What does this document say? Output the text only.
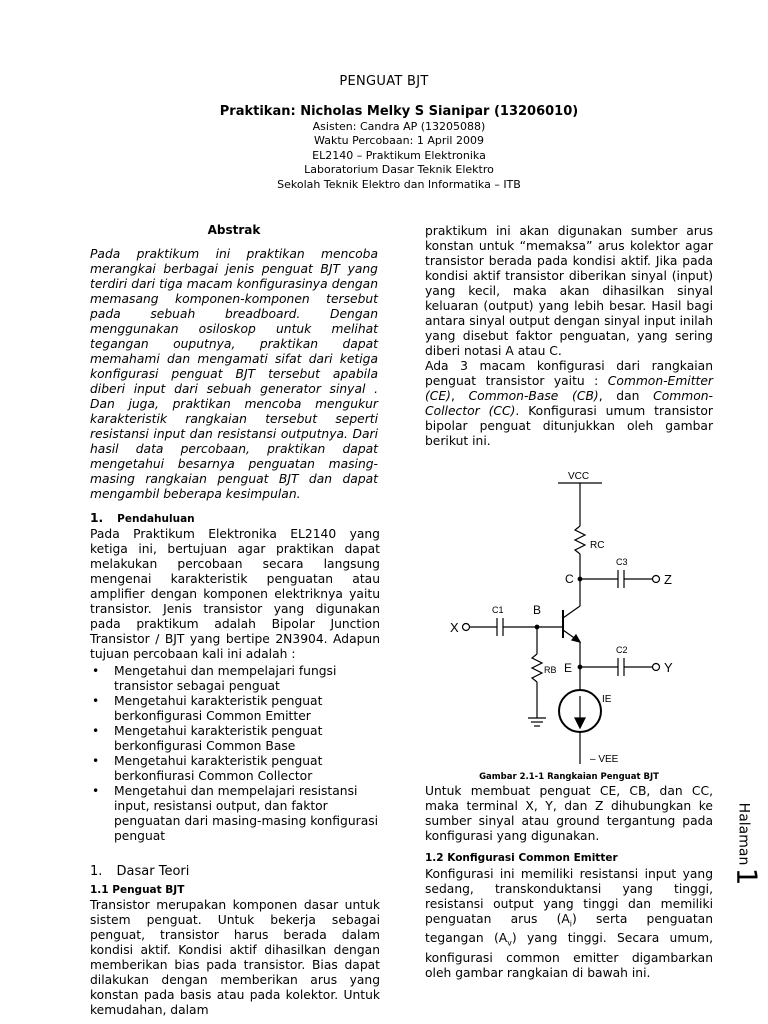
PENGUAT BJT
Praktikan: Nicholas Melky S Sianipar (13206010)
Asisten: Candra AP (13205088)
Waktu Percobaan: 1 April 2009
EL2140 – Praktikum Elektronika
Laboratorium Dasar Teknik Elektro
Sekolah Teknik Elektro dan Informatika – ITB
Abstrak
Pada praktikum ini praktikan mencoba merangkai berbagai jenis penguat BJT yang terdiri dari tiga macam konfigurasinya dengan memasang komponen-komponen tersebut pada sebuah breadboard. Dengan menggunakan osiloskop untuk melihat tegangan ouputnya, praktikan dapat memahami dan mengamati sifat dari ketiga konfigurasi penguat BJT tersebut apabila diberi input dari sebuah generator sinyal . Dan juga, praktikan mencoba mengukur karakteristik rangkaian tersebut seperti resistansi input dan resistansi outputnya. Dari hasil data percobaan, praktikan dapat mengetahui besarnya penguatan masing-masing rangkaian penguat BJT dan dapat mengambil beberapa kesimpulan.
1. Pendahuluan

Pada Praktikum Elektronika EL2140 yang ketiga ini, bertujuan agar praktikan dapat melakukan percobaan secara langsung mengenai karakteristik penguatan atau amplifier dengan komponen elektriknya yaitu transistor. Jenis transistor yang digunakan pada praktikum adalah Bipolar Junction Transistor / BJT yang bertipe 2N3904. Adapun tujuan percobaan kali ini adalah :

• Mengetahui dan mempelajari fungsi transistor sebagai penguat
• Mengetahui karakteristik penguat berkonfigurasi Common Emitter
• Mengetahui karakteristik penguat berkonfigurasi Common Base
• Mengetahui karakteristik penguat berkonfiurasi Common Collector
• Mengetahui dan mempelajari resistansi input, resistansi output, dan faktor penguatan dari masing-masing konfigurasi penguat
1. Dasar Teori
1.1 Penguat BJT

Transistor merupakan komponen dasar untuk sistem penguat. Untuk bekerja sebagai penguat, transistor harus berada dalam kondisi aktif. Kondisi aktif dihasilkan dengan memberikan bias pada transistor. Bias dapat dilakukan dengan memberikan arus yang konstan pada basis atau pada kolektor. Untuk kemudahan, dalam

praktikum ini akan digunakan sumber arus konstan untuk “memaksa” arus kolektor agar transistor berada pada kondisi aktif. Jika pada kondisi aktif transistor diberikan sinyal (input) yang kecil, maka akan dihasilkan sinyal keluaran (output) yang lebih besar. Hasil bagi antara sinyal output dengan sinyal input inilah yang disebut faktor penguatan, yang sering diberi notasi A atau C.

Ada 3 macam konfigurasi dari rangkaian penguat transistor yaitu : Common-Emitter (CE), Common-Base (CB), dan Common-Collector (CC). Konfigurasi umum transistor bipolar penguat ditunjukkan oleh gambar berikut ini.

VCC
RC
C
C3
Z
X
C1 B
RB E
C2
Y
IE
– VEE
Gambar 2.1-1 Rangkaian Penguat BJT

Untuk membuat penguat CE, CB, dan CC, maka terminal X, Y, dan Z dihubungkan ke sumber sinyal atau ground tergantung pada konfigurasi yang digunakan.

1.2 Konfigurasi Common Emitter

Konfigurasi ini memiliki resistansi input yang sedang, transkonduktansi yang tinggi, resistansi output yang tinggi dan memiliki penguatan arus $(A_i)$ serta penguatan tegangan $(A_v)$ yang tinggi. Secara umum, konfigurasi common emitter digambarkan oleh gambar rangkaian di bawah ini.

Halaman
1
